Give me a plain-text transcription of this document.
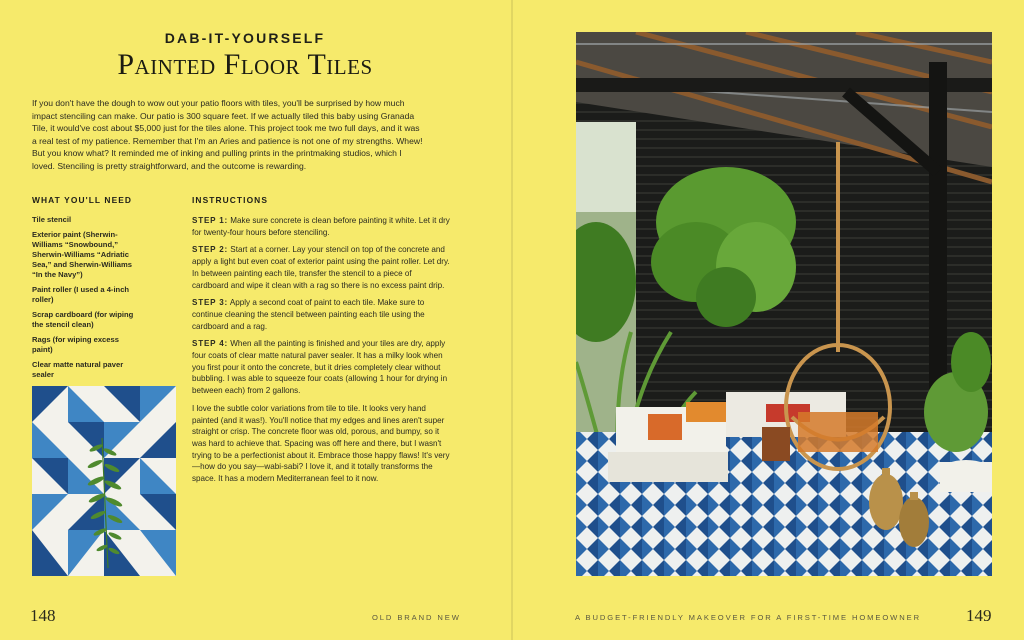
DAB-IT-YOURSELF
Painted Floor Tiles

If you don't have the dough to wow out your patio floors with tiles, you'll be surprised by how much impact stenciling can make. Our patio is 300 square feet. If we actually tiled this baby using Granada Tile, it would've cost about $5,000 just for the tiles alone. This project took me two full days, and it was a real test of my patience. Remember that I'm an Aries and patience is not one of my strengths. Whew! But you know what? It reminded me of inking and pulling prints in the printmaking studios, which I loved. Stenciling is pretty straightforward, and the outcome is rewarding.

WHAT YOU'LL NEED
Tile stencil
Exterior paint (Sherwin-Williams “Snowbound,” Sherwin-Williams “Adriatic Sea,” and Sherwin-Williams “In the Navy”)
Paint roller (I used a 4-inch roller)
Scrap cardboard (for wiping the stencil clean)
Rags (for wiping excess paint)
Clear matte natural paver sealer
INSTRUCTIONS

STEP 1: Make sure concrete is clean before painting it white. Let it dry for twenty-four hours before stenciling.

STEP 2: Start at a corner. Lay your stencil on top of the concrete and apply a light but even coat of exterior paint using the paint roller. Let dry. In between painting each tile, transfer the stencil to a piece of cardboard and wipe it clean with a rag so there is no excess paint drip.

STEP 3: Apply a second coat of paint to each tile. Make sure to continue cleaning the stencil between painting each tile using the cardboard and a rag.

STEP 4: When all the painting is finished and your tiles are dry, apply four coats of clear matte natural paver sealer. It has a milky look when you first pour it onto the concrete, but it dries completely clear without bubbling. I was able to squeeze four coats (allowing 1 hour for drying in between each) from 2 gallons.

I love the subtle color variations from tile to tile. It looks very hand painted (and it was!). You'll notice that my edges and lines aren't super straight or crisp. The concrete floor was old, porous, and bumpy, so it was hard to achieve that. Spacing was off here and there, but I wasn't trying to be a perfectionist about it. Embrace those happy flaws! It's very—how do you say—wabi-sabi? I love it, and it totally transforms the space. It has a modern Mediterranean feel to it now.

148	OLD BRAND NEW	149
A BUDGET-FRIENDLY MAKEOVER FOR A FIRST-TIME HOMEOWNER
